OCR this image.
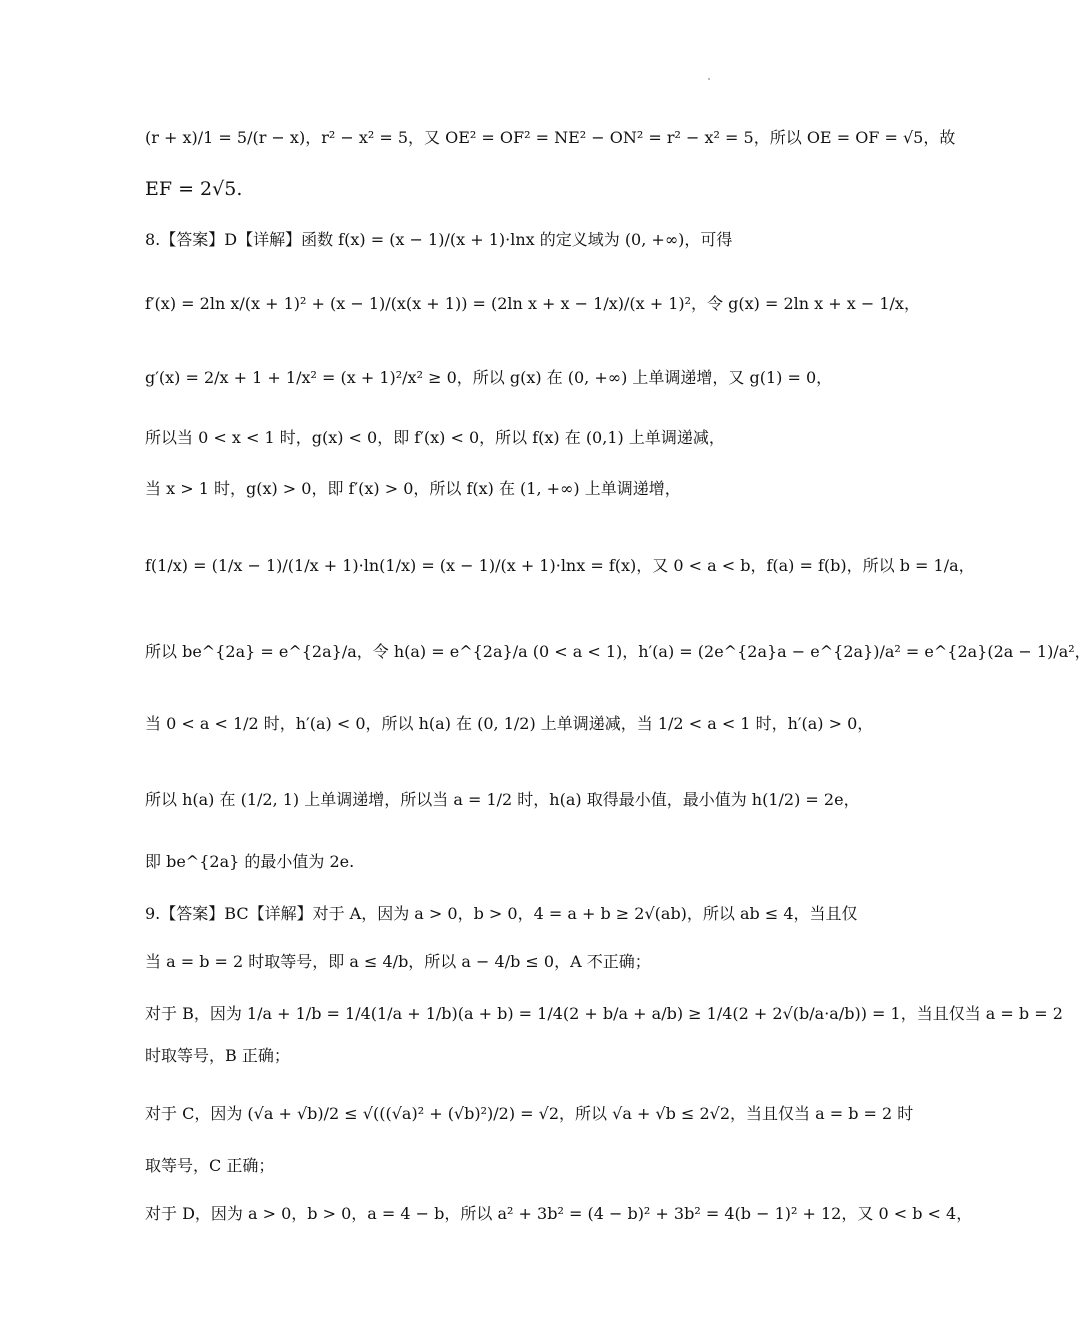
(r + x)/1 = 5/(r − x)，r² − x² = 5，又 OE² = OF² = NE² − ON² = r² − x² = 5，所以 OE = OF = √5，故
EF = 2√5.
8.【答案】D【详解】函数 f(x) = (x − 1)/(x + 1)·lnx 的定义域为 (0, +∞)，可得
f′(x) = 2ln x/(x + 1)² + (x − 1)/(x(x + 1)) = (2ln x + x − 1/x)/(x + 1)²，令 g(x) = 2ln x + x − 1/x，
g′(x) = 2/x + 1 + 1/x² = (x + 1)²/x² ≥ 0，所以 g(x) 在 (0, +∞) 上单调递增，又 g(1) = 0，
所以当 0 < x < 1 时，g(x) < 0，即 f′(x) < 0，所以 f(x) 在 (0,1) 上单调递减，
当 x > 1 时，g(x) > 0，即 f′(x) > 0，所以 f(x) 在 (1, +∞) 上单调递增，
f(1/x) = (1/x − 1)/(1/x + 1)·ln(1/x) = (x − 1)/(x + 1)·lnx = f(x)，又 0 < a < b，f(a) = f(b)，所以 b = 1/a，
所以 be^{2a} = e^{2a}/a，令 h(a) = e^{2a}/a (0 < a < 1)，h′(a) = (2e^{2a}a − e^{2a})/a² = e^{2a}(2a − 1)/a²，
当 0 < a < 1/2 时，h′(a) < 0，所以 h(a) 在 (0, 1/2) 上单调递减，当 1/2 < a < 1 时，h′(a) > 0，
所以 h(a) 在 (1/2, 1) 上单调递增，所以当 a = 1/2 时，h(a) 取得最小值，最小值为 h(1/2) = 2e，
即 be^{2a} 的最小值为 2e.
9.【答案】BC【详解】对于 A，因为 a > 0，b > 0，4 = a + b ≥ 2√(ab)，所以 ab ≤ 4，当且仅
当 a = b = 2 时取等号，即 a ≤ 4/b，所以 a − 4/b ≤ 0，A 不正确；
对于 B，因为 1/a + 1/b = 1/4(1/a + 1/b)(a + b) = 1/4(2 + b/a + a/b) ≥ 1/4(2 + 2√(b/a·a/b)) = 1，当且仅当 a = b = 2
时取等号，B 正确；
对于 C，因为 (√a + √b)/2 ≤ √(((√a)² + (√b)²)/2) = √2，所以 √a + √b ≤ 2√2，当且仅当 a = b = 2 时
取等号，C 正确；
对于 D，因为 a > 0，b > 0，a = 4 − b，所以 a² + 3b² = (4 − b)² + 3b² = 4(b − 1)² + 12，又 0 < b < 4，
